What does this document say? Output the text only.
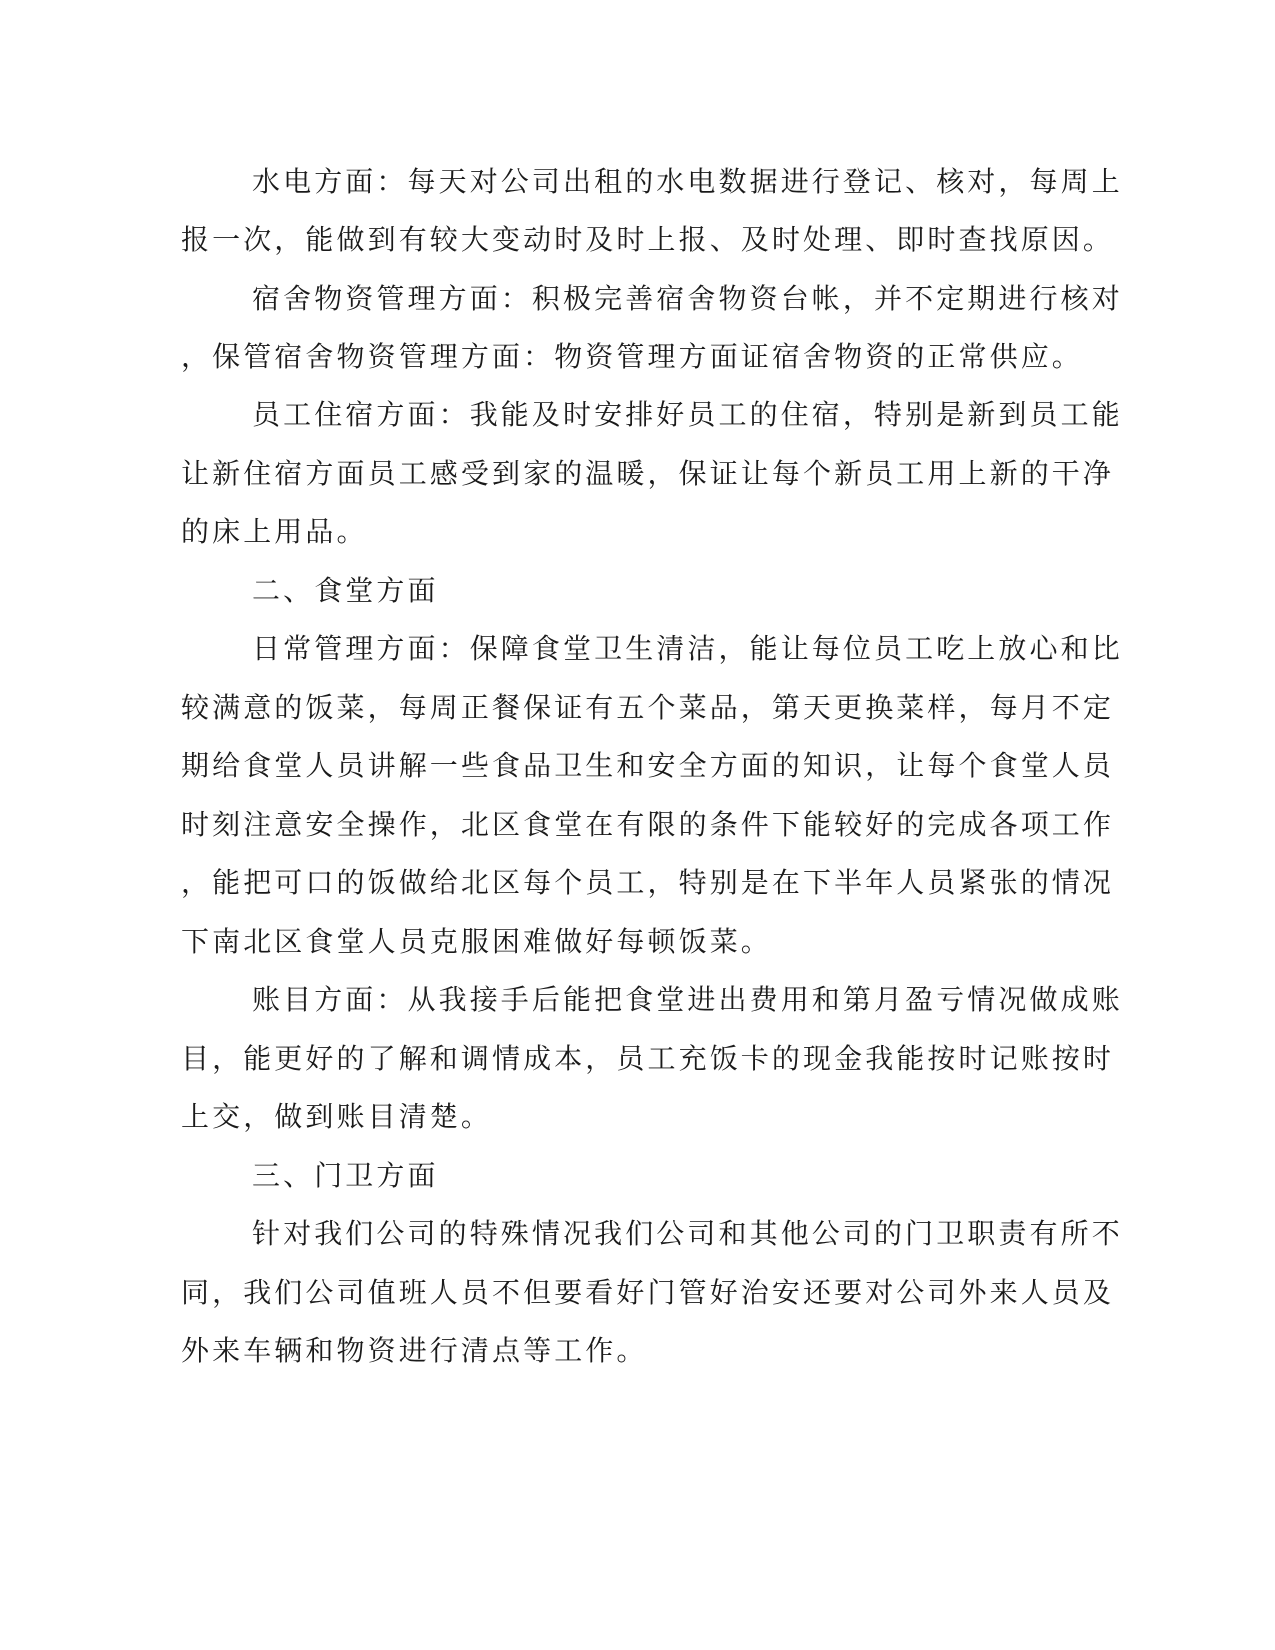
水电方面：每天对公司出租的水电数据进行登记、核对，每周上
报一次，能做到有较大变动时及时上报、及时处理、即时查找原因。
宿舍物资管理方面：积极完善宿舍物资台帐，并不定期进行核对
，保管宿舍物资管理方面：物资管理方面证宿舍物资的正常供应。
员工住宿方面：我能及时安排好员工的住宿，特别是新到员工能
让新住宿方面员工感受到家的温暖，保证让每个新员工用上新的干净
的床上用品。
二、食堂方面
日常管理方面：保障食堂卫生清洁，能让每位员工吃上放心和比
较满意的饭菜，每周正餐保证有五个菜品，第天更换菜样，每月不定
期给食堂人员讲解一些食品卫生和安全方面的知识，让每个食堂人员
时刻注意安全操作，北区食堂在有限的条件下能较好的完成各项工作
，能把可口的饭做给北区每个员工，特别是在下半年人员紧张的情况
下南北区食堂人员克服困难做好每顿饭菜。
账目方面：从我接手后能把食堂进出费用和第月盈亏情况做成账
目，能更好的了解和调情成本，员工充饭卡的现金我能按时记账按时
上交，做到账目清楚。
三、门卫方面
针对我们公司的特殊情况我们公司和其他公司的门卫职责有所不
同，我们公司值班人员不但要看好门管好治安还要对公司外来人员及
外来车辆和物资进行清点等工作。
